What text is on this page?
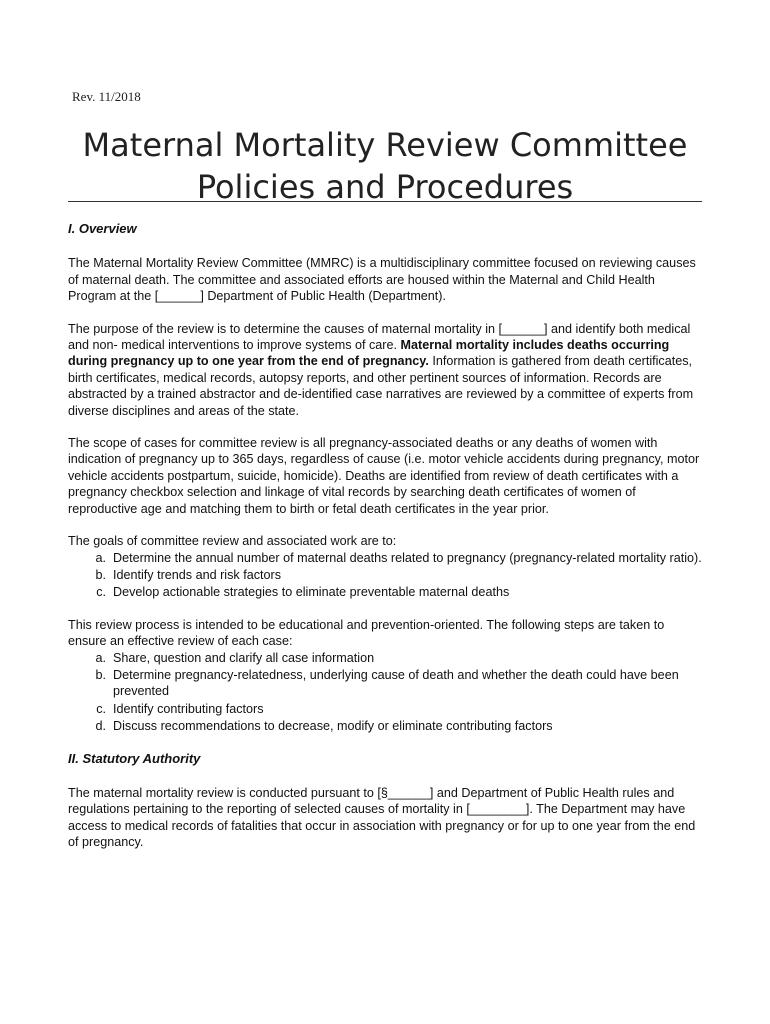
Rev. 11/2018
Maternal Mortality Review Committee
Policies and Procedures
I. Overview

The Maternal Mortality Review Committee (MMRC) is a multidisciplinary committee focused on reviewing causes of maternal death. The committee and associated efforts are housed within the Maternal and Child Health Program at the [______] Department of Public Health (Department).

The purpose of the review is to determine the causes of maternal mortality in [______] and identify both medical and non- medical interventions to improve systems of care. Maternal mortality includes deaths occurring during pregnancy up to one year from the end of pregnancy. Information is gathered from death certificates, birth certificates, medical records, autopsy reports, and other pertinent sources of information. Records are abstracted by a trained abstractor and de-identified case narratives are reviewed by a committee of experts from diverse disciplines and areas of the state.

The scope of cases for committee review is all pregnancy-associated deaths or any deaths of women with indication of pregnancy up to 365 days, regardless of cause (i.e. motor vehicle accidents during pregnancy, motor vehicle accidents postpartum, suicide, homicide). Deaths are identified from review of death certificates with a pregnancy checkbox selection and linkage of vital records by searching death certificates of women of reproductive age and matching them to birth or fetal death certificates in the year prior.

The goals of committee review and associated work are to:

a. Determine the annual number of maternal deaths related to pregnancy (pregnancy-related mortality ratio).
b. Identify trends and risk factors
c. Develop actionable strategies to eliminate preventable maternal deaths

This review process is intended to be educational and prevention-oriented. The following steps are taken to ensure an effective review of each case:

a. Share, question and clarify all case information
b. Determine pregnancy-relatedness, underlying cause of death and whether the death could have been prevented
c. Identify contributing factors
d. Discuss recommendations to decrease, modify or eliminate contributing factors
II. Statutory Authority

The maternal mortality review is conducted pursuant to [§______] and Department of Public Health rules and regulations pertaining to the reporting of selected causes of mortality in [________]. The Department may have access to medical records of fatalities that occur in association with pregnancy or for up to one year from the end of pregnancy.
